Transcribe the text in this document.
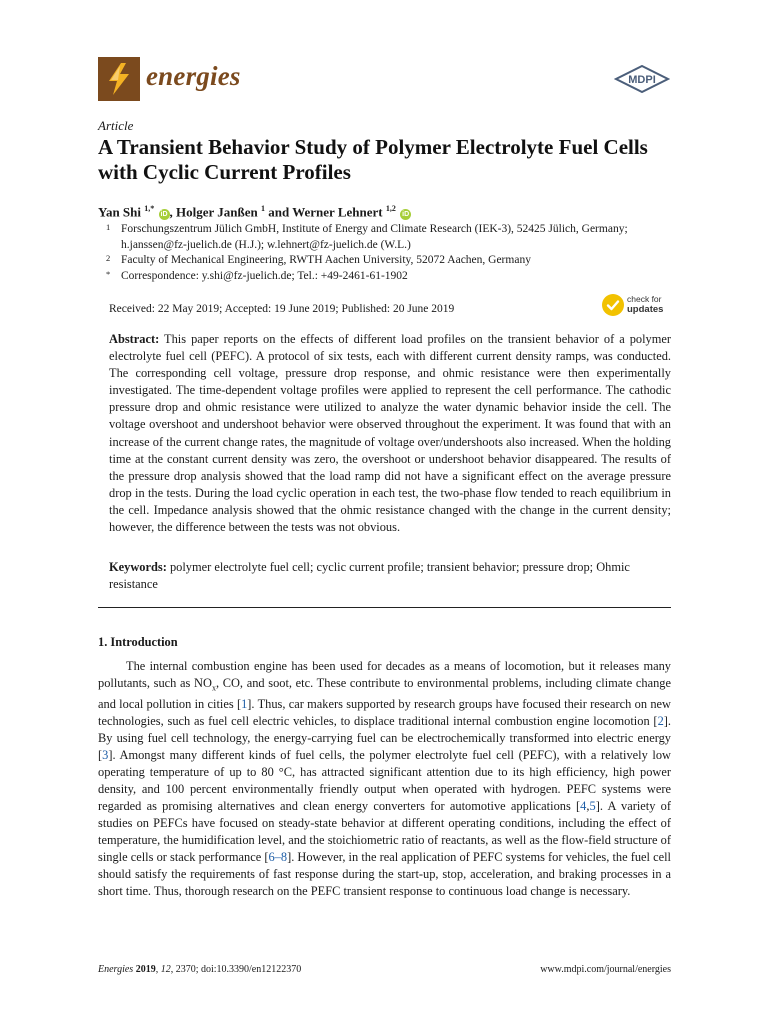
energies	MDPI
Article
A Transient Behavior Study of Polymer Electrolyte Fuel Cells with Cyclic Current Profiles
Yan Shi $^{1,*}$ iD , Holger Janßen $^1$ and Werner Lehnert $^{1,2}$ iD
1 Forschungszentrum Jülich GmbH, Institute of Energy and Climate Research (IEK-3), 52425 Jülich, Germany; h.janssen@fz-juelich.de (H.J.); w.lehnert@fz-juelich.de (W.L.)
2 Faculty of Mechanical Engineering, RWTH Aachen University, 52072 Aachen, Germany
* Correspondence: y.shi@fz-juelich.de; Tel.: +49-2461-61-1902
Received: 22 May 2019; Accepted: 19 June 2019; Published: 20 June 2019
check for
updates
Abstract: This paper reports on the effects of different load profiles on the transient behavior of a polymer electrolyte fuel cell (PEFC). A protocol of six tests, each with different current density ramps, was conducted. The corresponding cell voltage, pressure drop response, and ohmic resistance were then experimentally investigated. The time-dependent voltage profiles were applied to represent the cell performance. The cathodic pressure drop and ohmic resistance were utilized to analyze the water dynamic behavior inside the cell. The voltage overshoot and undershoot behavior were observed throughout the experiment. It was found that with an increase of the current change rates, the magnitude of voltage over/undershoots also increased. When the holding time at the constant current density was zero, the overshoot or undershoot behavior disappeared. The results of the pressure drop analysis showed that the load ramp did not have a significant effect on the average pressure drop in the tests. During the load cyclic operation in each test, the two-phase flow tended to reach equilibrium in the cell. Impedance analysis showed that the ohmic resistance changed with the change in the current density; however, the difference between the tests was not obvious.
Keywords: polymer electrolyte fuel cell; cyclic current profile; transient behavior; pressure drop; Ohmic resistance
1. Introduction
The internal combustion engine has been used for decades as a means of locomotion, but it releases many pollutants, such as $NO_x$, CO, and soot, etc. These contribute to environmental problems, including climate change and local pollution in cities [1]. Thus, car makers supported by research groups have focused their research on new technologies, such as fuel cell electric vehicles, to displace traditional internal combustion engine locomotion [2]. By using fuel cell technology, the energy-carrying fuel can be electrochemically transformed into electric energy [3]. Amongst many different kinds of fuel cells, the polymer electrolyte fuel cell (PEFC), with a relatively low operating temperature of up to 80 °C, has attracted significant attention due to its high efficiency, high power density, and 100 percent environmentally friendly output when operated with hydrogen. PEFC systems were regarded as promising alternatives and clean energy converters for automotive applications [4,5]. A variety of studies on PEFCs have focused on steady-state behavior at different operating conditions, including the effect of temperature, the humidification level, and the stoichiometric ratio of reactants, as well as the flow-field structure of single cells or stack performance [6–8]. However, in the real application of PEFC systems for vehicles, the fuel cell should satisfy the requirements of fast response during the start-up, stop, acceleration, and braking processes in a short time. Thus, thorough research on the PEFC transient response to continuous load change is necessary.
Energies 2019, 12, 2370; doi:10.3390/en12122370	www.mdpi.com/journal/energies
